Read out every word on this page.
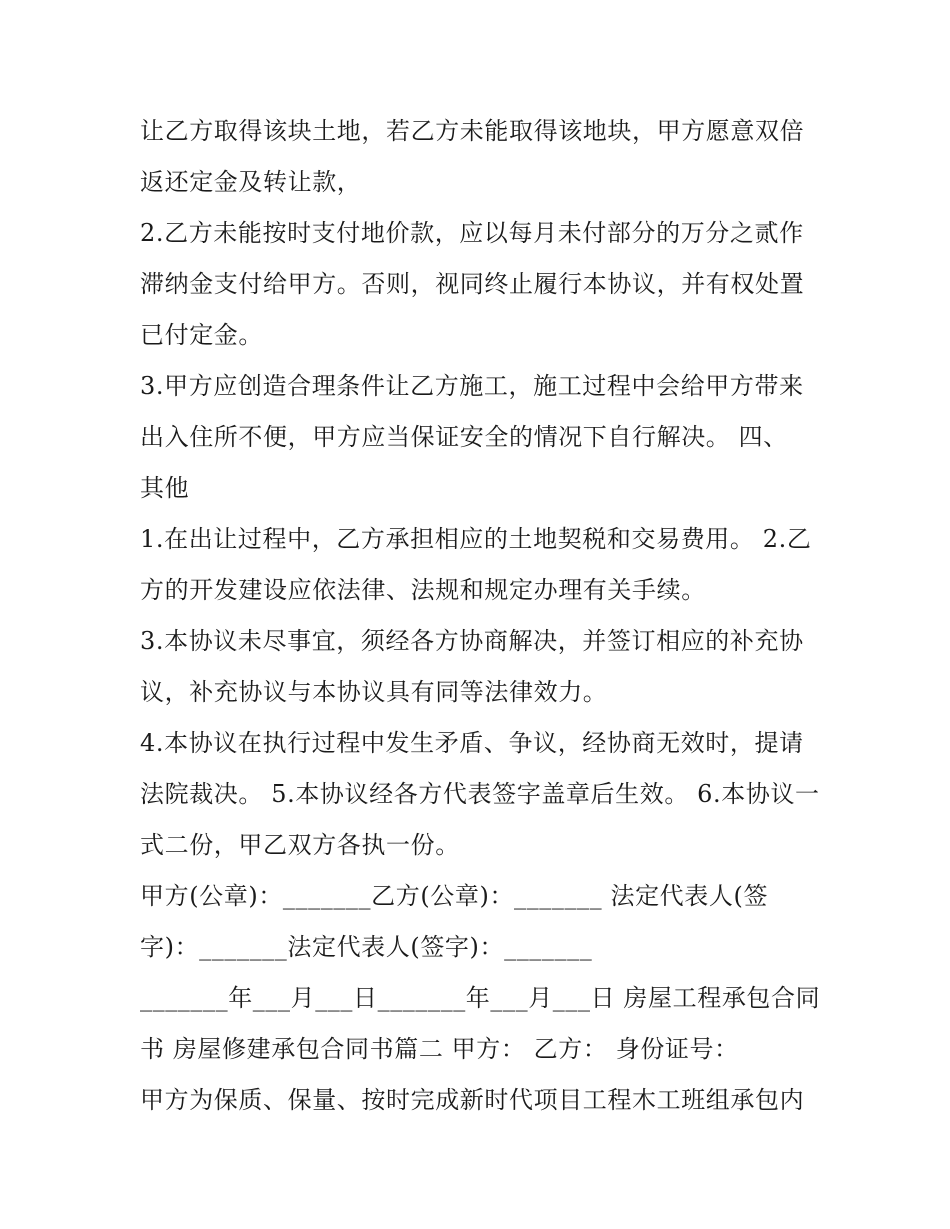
让乙方取得该块土地，若乙方未能取得该地块，甲方愿意双倍
返还定金及转让款，
2.乙方未能按时支付地价款，应以每月未付部分的万分之贰作
滞纳金支付给甲方。否则，视同终止履行本协议，并有权处置
已付定金。
3.甲方应创造合理条件让乙方施工，施工过程中会给甲方带来
出入住所不便，甲方应当保证安全的情况下自行解决。 四、
其他
1.在出让过程中，乙方承担相应的土地契税和交易费用。 2.乙
方的开发建设应依法律、法规和规定办理有关手续。
3.本协议未尽事宜，须经各方协商解决，并签订相应的补充协
议，补充协议与本协议具有同等法律效力。
4.本协议在执行过程中发生矛盾、争议，经协商无效时，提请
法院裁决。 5.本协议经各方代表签字盖章后生效。 6.本协议一
式二份，甲乙双方各执一份。
甲方(公章)：_______乙方(公章)：_______ 法定代表人(签
字)：_______法定代表人(签字)：_______
_______年___月___日_______年___月___日 房屋工程承包合同
书 房屋修建承包合同书篇二 甲方： 乙方： 身份证号：
甲方为保质、保量、按时完成新时代项目工程木工班组承包内
